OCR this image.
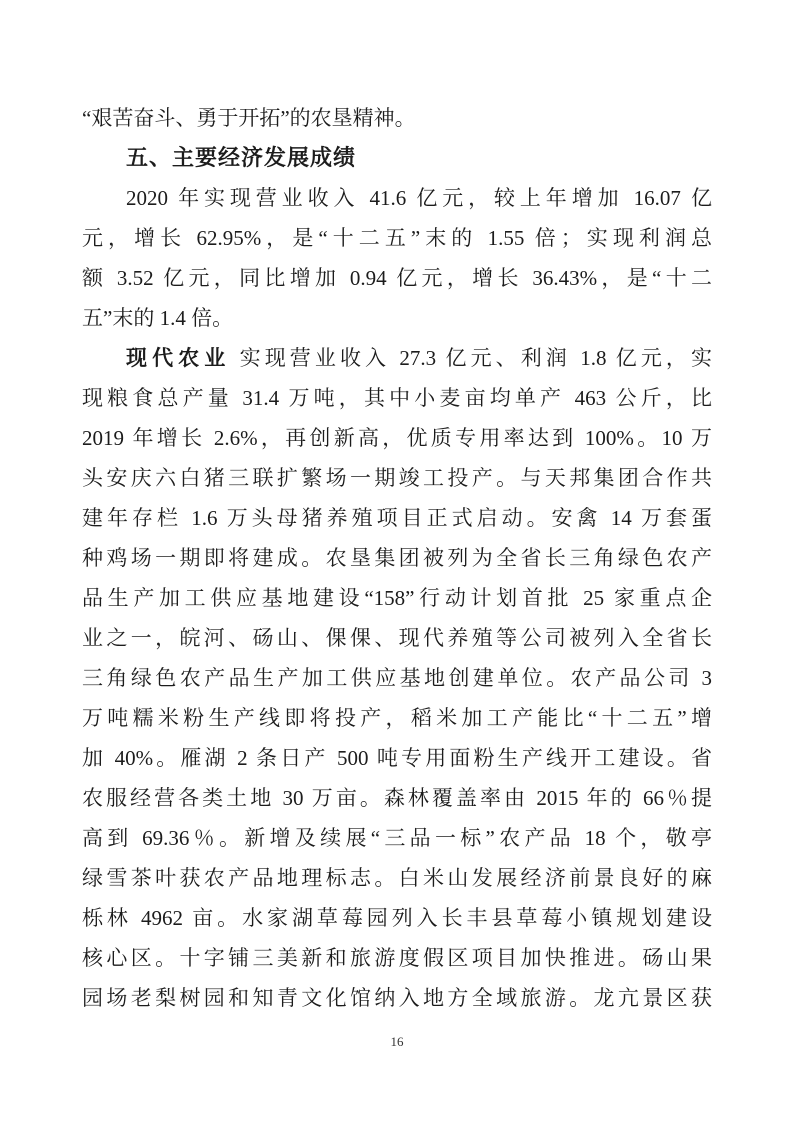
“艰苦奋斗、勇于开拓”的农垦精神。
五、主要经济发展成绩
2020 年实现营业收入 41.6 亿元，较上年增加 16.07 亿
元，增长 62.95%，是“十二五”末的 1.55 倍；实现利润总
额 3.52 亿元，同比增加 0.94 亿元，增长 36.43%，是“十二
五”末的 1.4 倍。
现代农业 实现营业收入 27.3 亿元、利润 1.8 亿元，实
现粮食总产量 31.4 万吨，其中小麦亩均单产 463 公斤，比
2019 年增长 2.6%，再创新高，优质专用率达到 100%。10 万
头安庆六白猪三联扩繁场一期竣工投产。与天邦集团合作共
建年存栏 1.6 万头母猪养殖项目正式启动。安禽 14 万套蛋
种鸡场一期即将建成。农垦集团被列为全省长三角绿色农产
品生产加工供应基地建设“158”行动计划首批 25 家重点企
业之一，皖河、砀山、倮倮、现代养殖等公司被列入全省长
三角绿色农产品生产加工供应基地创建单位。农产品公司 3
万吨糯米粉生产线即将投产，稻米加工产能比“十二五”增
加 40%。雁湖 2 条日产 500 吨专用面粉生产线开工建设。省
农服经营各类土地 30 万亩。森林覆盖率由 2015 年的 66％提
高到 69.36％。新增及续展“三品一标”农产品 18 个，敬亭
绿雪茶叶获农产品地理标志。白米山发展经济前景良好的麻
栎林 4962 亩。水家湖草莓园列入长丰县草莓小镇规划建设
核心区。十字铺三美新和旅游度假区项目加快推进。砀山果
园场老梨树园和知青文化馆纳入地方全域旅游。龙亢景区获
16
